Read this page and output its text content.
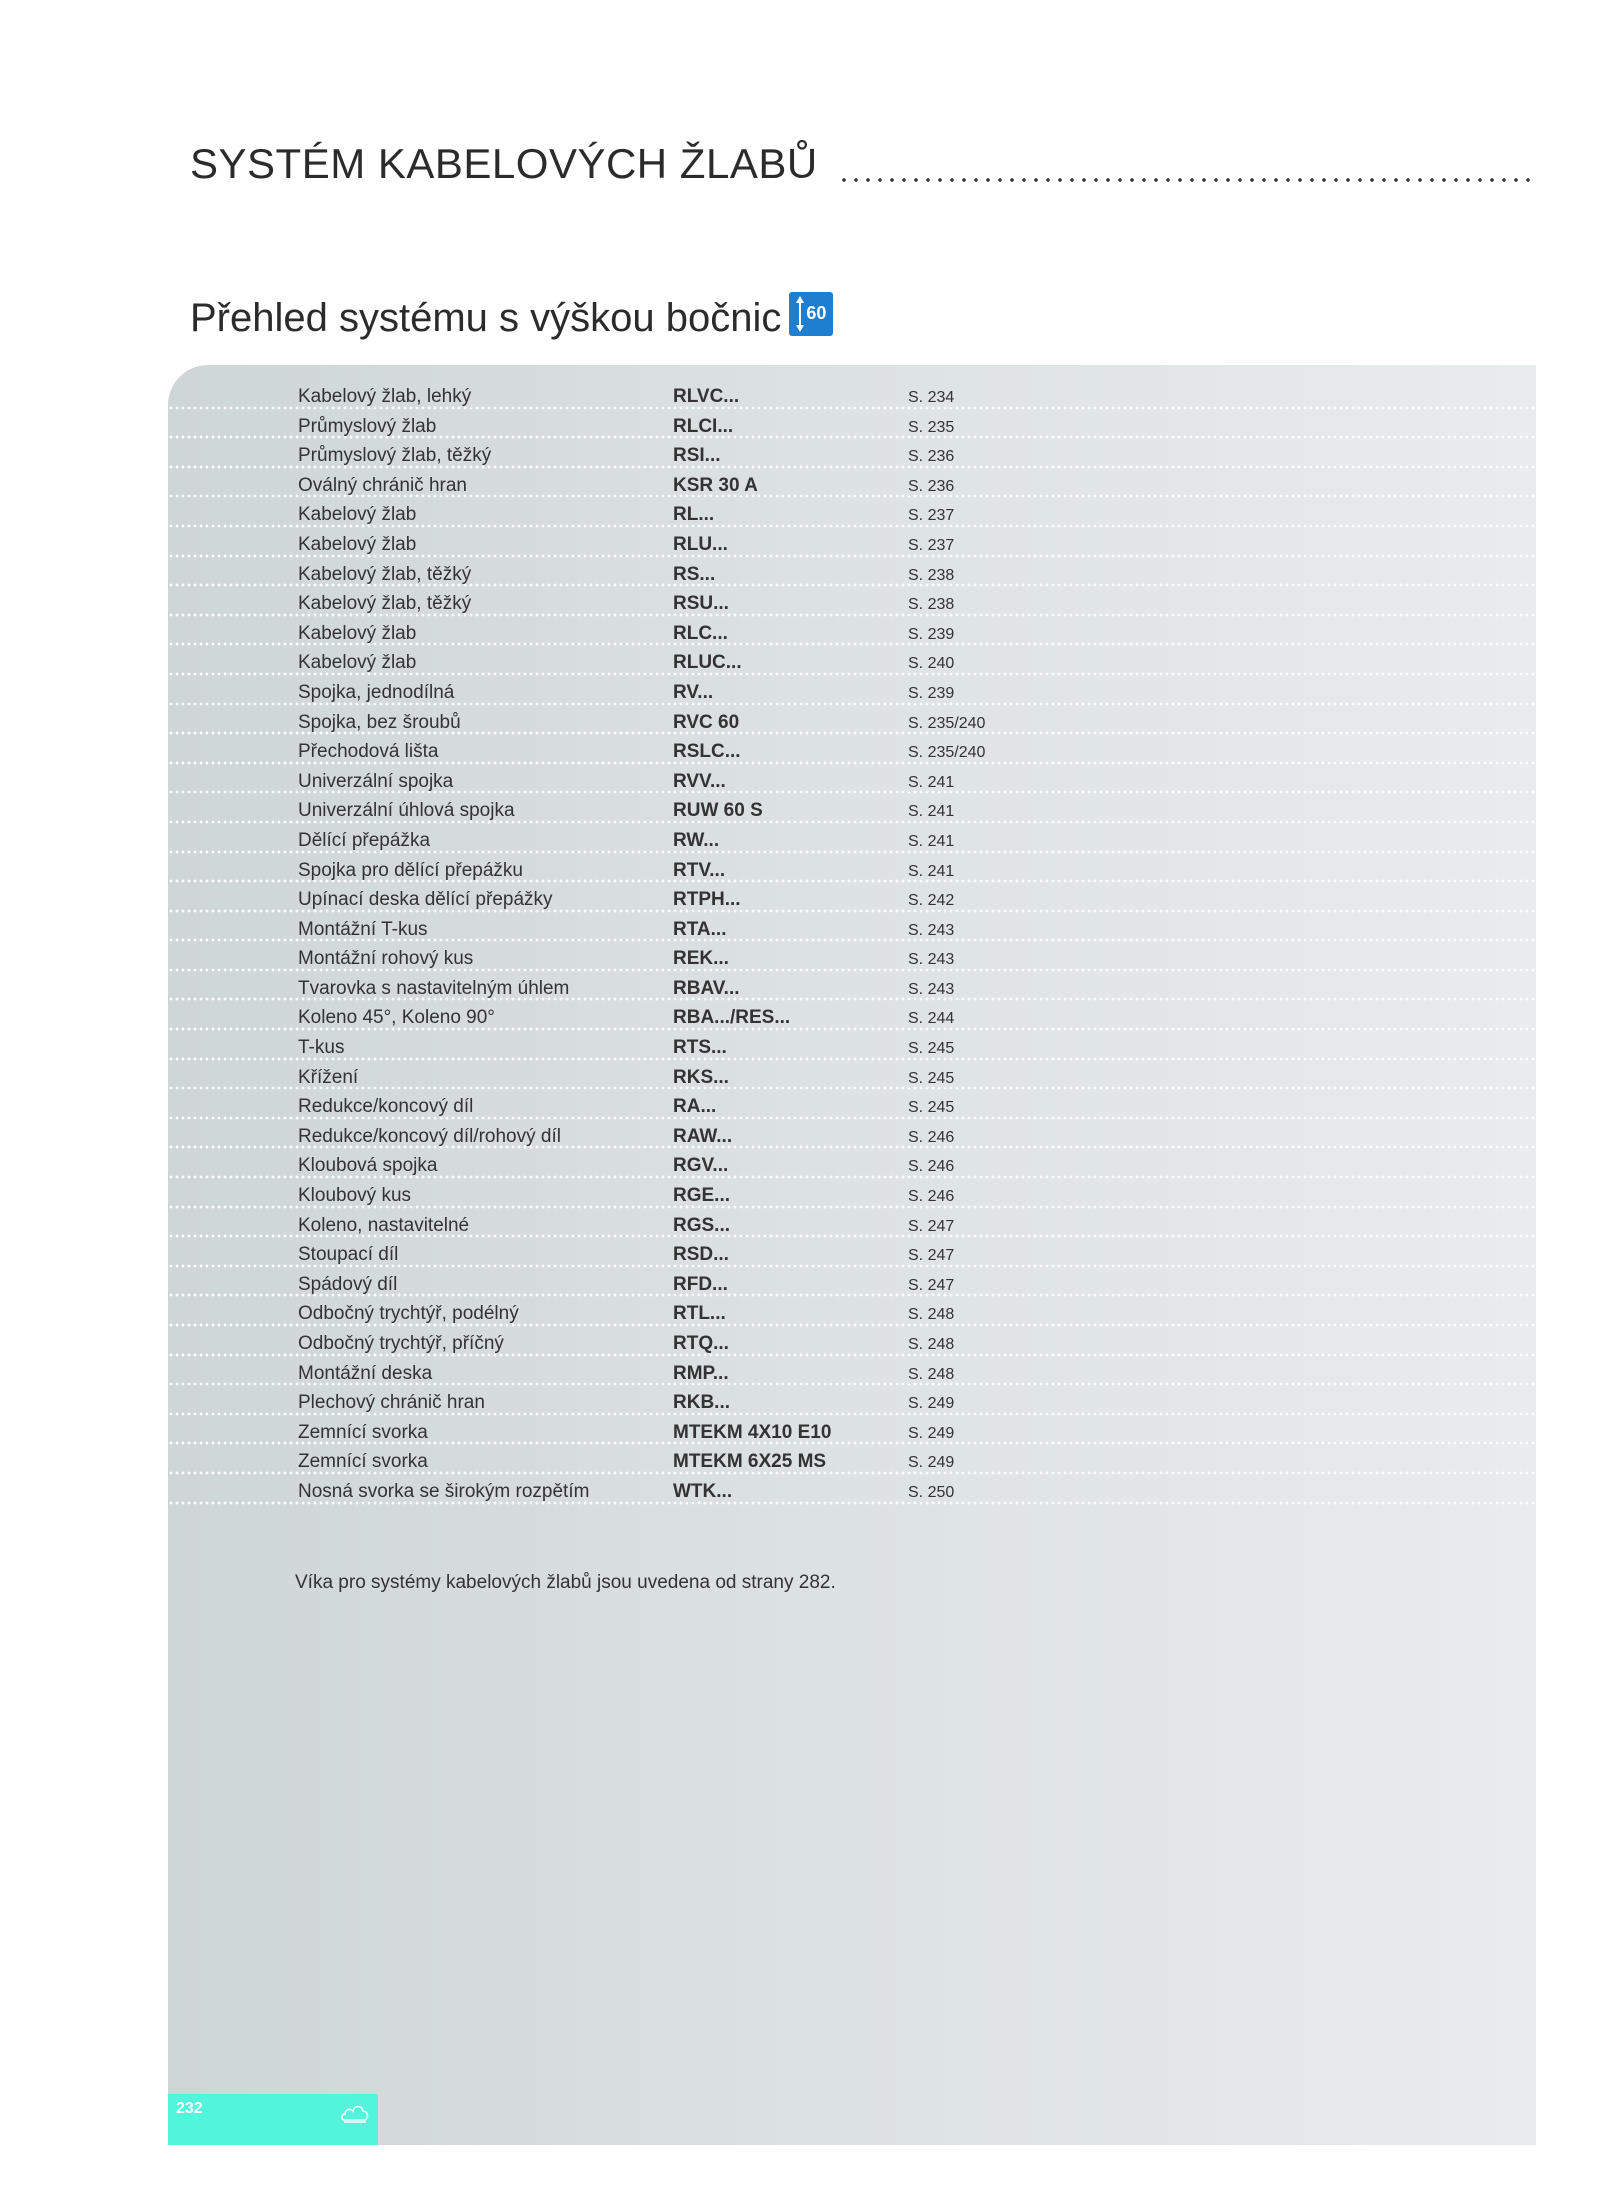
SYSTÉM KABELOVÝCH ŽLABŮ
Přehled systému s výškou bočnic 60
Kabelový žlab, lehký	RLVC...	S. 234
Průmyslový žlab	RLCI...	S. 235
Průmyslový žlab, těžký	RSI...	S. 236
Oválný chránič hran	KSR 30 A	S. 236
Kabelový žlab	RL...	S. 237
Kabelový žlab	RLU...	S. 237
Kabelový žlab, těžký	RS...	S. 238
Kabelový žlab, těžký	RSU...	S. 238
Kabelový žlab	RLC...	S. 239
Kabelový žlab	RLUC...	S. 240
Spojka, jednodílná	RV...	S. 239
Spojka, bez šroubů	RVC 60	S. 235/240
Přechodová lišta	RSLC...	S. 235/240
Univerzální spojka	RVV...	S. 241
Univerzální úhlová spojka	RUW 60 S	S. 241
Dělící přepážka	RW...	S. 241
Spojka pro dělící přepážku	RTV...	S. 241
Upínací deska dělící přepážky	RTPH...	S. 242
Montážní T-kus	RTA...	S. 243
Montážní rohový kus	REK...	S. 243
Tvarovka s nastavitelným úhlem	RBAV...	S. 243
Koleno 45°, Koleno 90°	RBA.../RES...	S. 244
T-kus	RTS...	S. 245
Křížení	RKS...	S. 245
Redukce/koncový díl	RA...	S. 245
Redukce/koncový díl/rohový díl	RAW...	S. 246
Kloubová spojka	RGV...	S. 246
Kloubový kus	RGE...	S. 246
Koleno, nastavitelné	RGS...	S. 247
Stoupací díl	RSD...	S. 247
Spádový díl	RFD...	S. 247
Odbočný trychtýř, podélný	RTL...	S. 248
Odbočný trychtýř, příčný	RTQ...	S. 248
Montážní deska	RMP...	S. 248
Plechový chránič hran	RKB...	S. 249
Zemnící svorka	MTEKM 4X10 E10	S. 249
Zemnící svorka	MTEKM 6X25 MS	S. 249
Nosná svorka se širokým rozpětím	WTK...	S. 250
Víka pro systémy kabelových žlabů jsou uvedena od strany 282.
232
